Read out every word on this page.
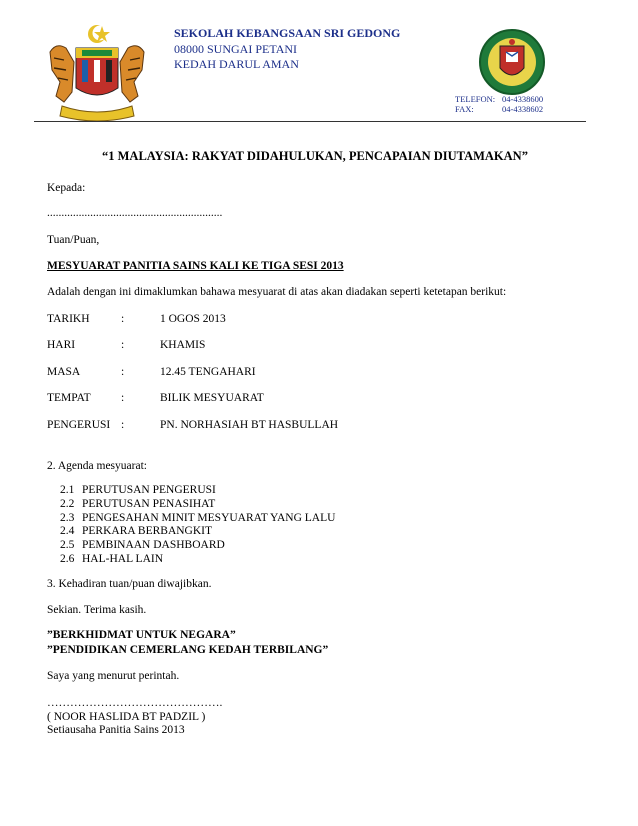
SEKOLAH KEBANGSAAN SRI GEDONG
08000 SUNGAI PETANI
KEDAH DARUL AMAN
TELEFON: 04-4338600
FAX:	04-4338602
“1 MALAYSIA: RAKYAT DIDAHULUKAN, PENCAPAIAN DIUTAMAKAN”
Kepada:
.............................................................
Tuan/Puan,
MESYUARAT PANITIA SAINS KALI KE TIGA SESI 2013
Adalah dengan ini dimaklumkan bahawa mesyuarat di atas akan diadakan seperti ketetapan berikut:
TARIKH	:	1 OGOS 2013
HARI	:	KHAMIS
MASA	:	12.45 TENGAHARI
TEMPAT	:	BILIK MESYUARAT
PENGERUSI :	PN. NORHASIAH BT HASBULLAH
2. Agenda mesyuarat:
2.1 PERUTUSAN PENGERUSI
2.2 PERUTUSAN PENASIHAT
2.3 PENGESAHAN MINIT MESYUARAT YANG LALU
2.4 PERKARA BERBANGKIT
2.5 PEMBINAAN DASHBOARD
2.6 HAL-HAL LAIN
3. Kehadiran tuan/puan diwajibkan.
Sekian. Terima kasih.
”BERKHIDMAT UNTUK NEGARA”
”PENDIDIKAN CEMERLANG KEDAH TERBILANG”
Saya yang menurut perintah.
……………………………………….
( NOOR HASLIDA BT PADZIL )
Setiausaha Panitia Sains 2013
